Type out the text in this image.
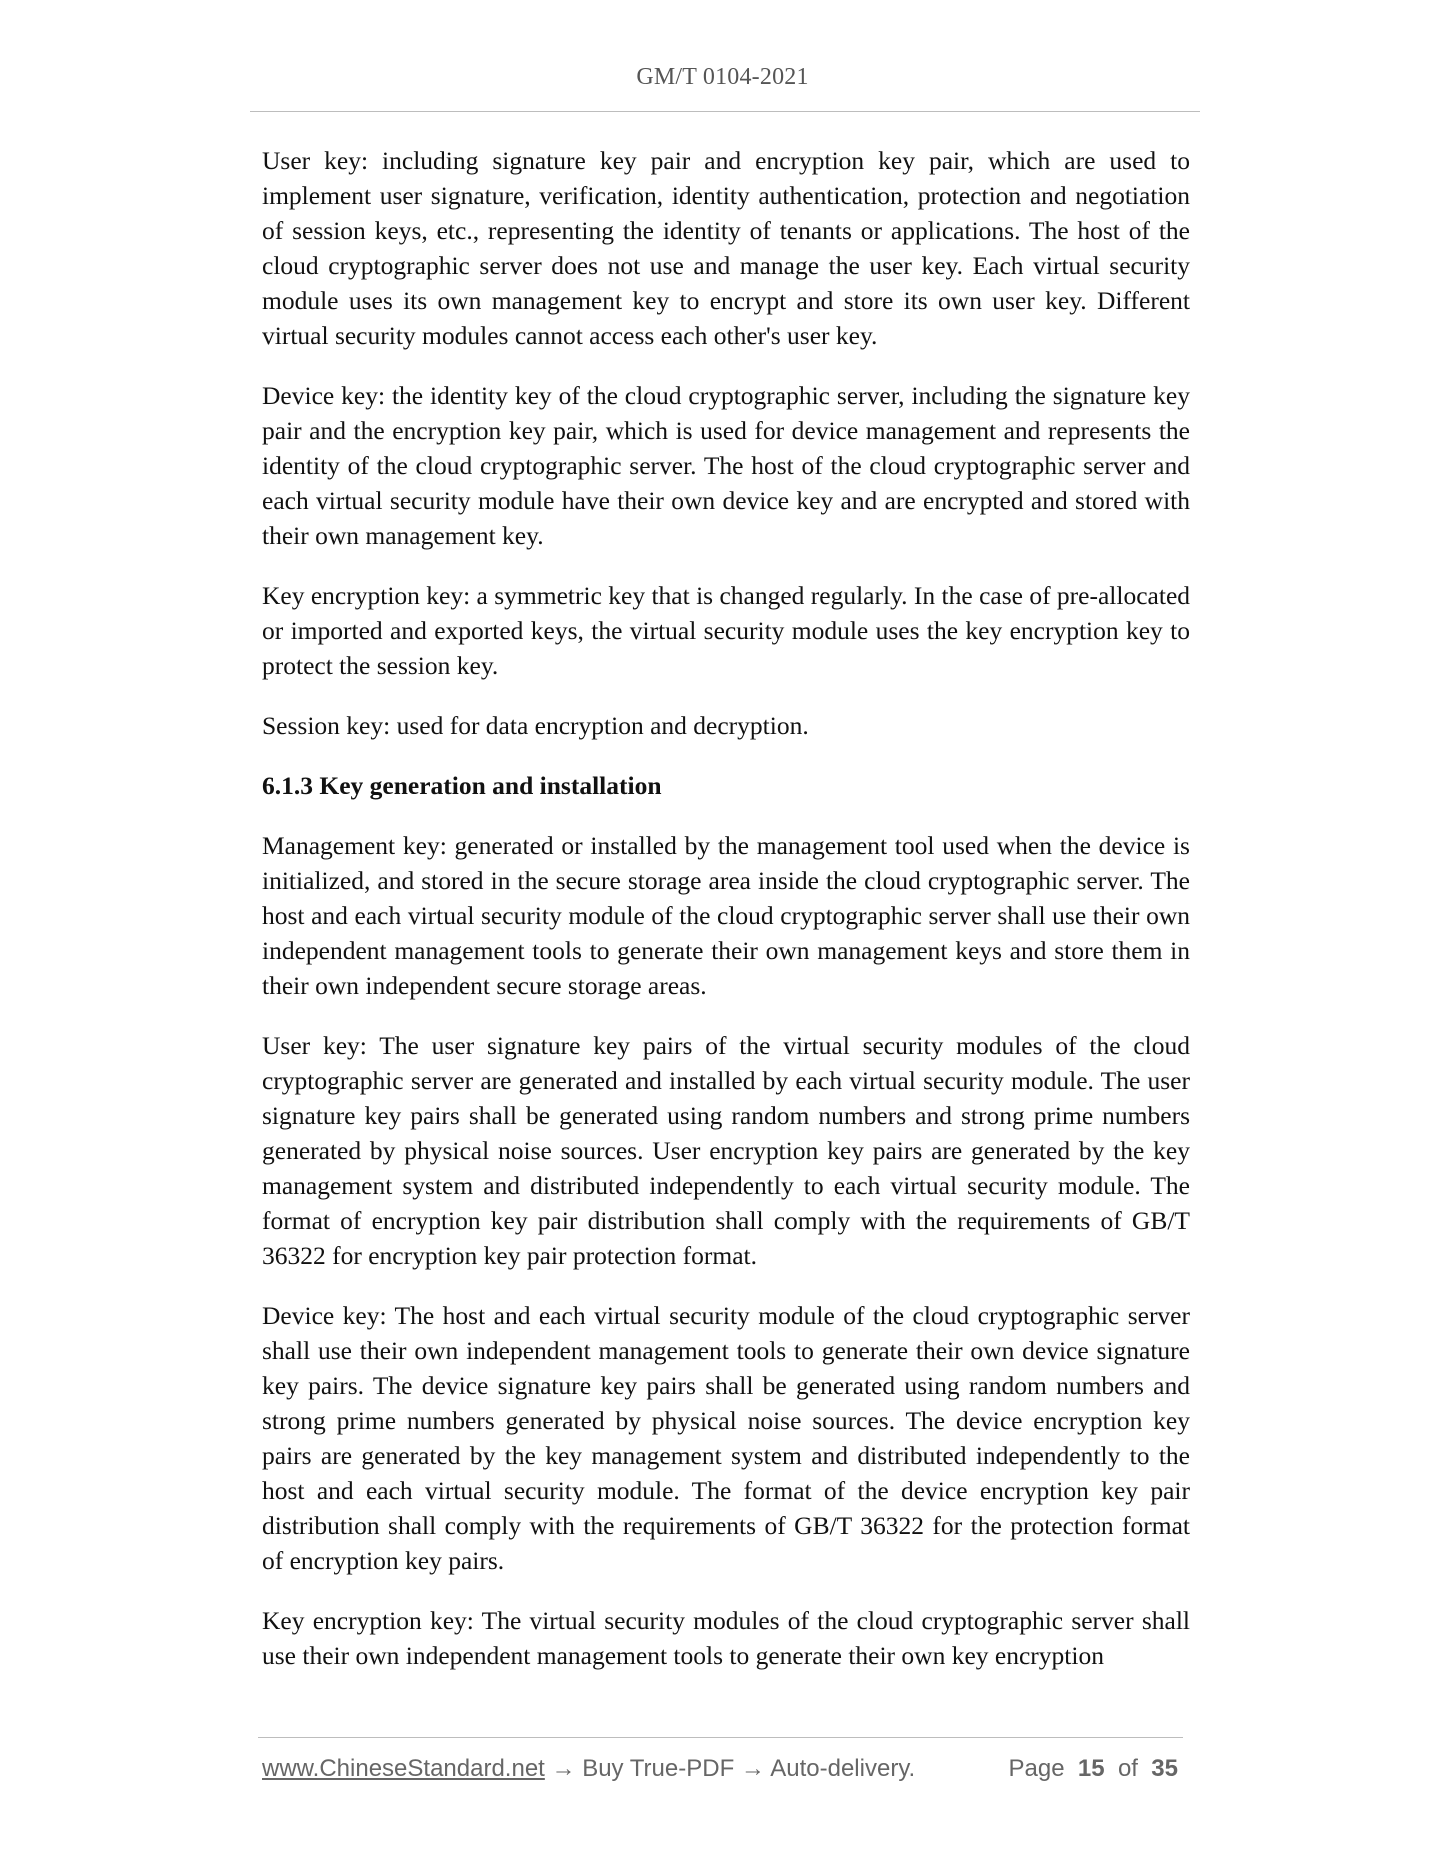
GM/T 0104-2021

User key: including signature key pair and encryption key pair, which are used to implement user signature, verification, identity authentication, protection and negotiation of session keys, etc., representing the identity of tenants or applications. The host of the cloud cryptographic server does not use and manage the user key. Each virtual security module uses its own management key to encrypt and store its own user key. Different virtual security modules cannot access each other's user key.

Device key: the identity key of the cloud cryptographic server, including the signature key pair and the encryption key pair, which is used for device management and represents the identity of the cloud cryptographic server. The host of the cloud cryptographic server and each virtual security module have their own device key and are encrypted and stored with their own management key.

Key encryption key: a symmetric key that is changed regularly. In the case of pre-allocated or imported and exported keys, the virtual security module uses the key encryption key to protect the session key.

Session key: used for data encryption and decryption.

6.1.3 Key generation and installation

Management key: generated or installed by the management tool used when the device is initialized, and stored in the secure storage area inside the cloud cryptographic server. The host and each virtual security module of the cloud cryptographic server shall use their own independent management tools to generate their own management keys and store them in their own independent secure storage areas.

User key: The user signature key pairs of the virtual security modules of the cloud cryptographic server are generated and installed by each virtual security module. The user signature key pairs shall be generated using random numbers and strong prime numbers generated by physical noise sources. User encryption key pairs are generated by the key management system and distributed independently to each virtual security module. The format of encryption key pair distribution shall comply with the requirements of GB/T 36322 for encryption key pair protection format.

Device key: The host and each virtual security module of the cloud cryptographic server shall use their own independent management tools to generate their own device signature key pairs. The device signature key pairs shall be generated using random numbers and strong prime numbers generated by physical noise sources. The device encryption key pairs are generated by the key management system and distributed independently to the host and each virtual security module. The format of the device encryption key pair distribution shall comply with the requirements of GB/T 36322 for the protection format of encryption key pairs.

Key encryption key: The virtual security modules of the cloud cryptographic server shall use their own independent management tools to generate their own key encryption

www.ChineseStandard.net → Buy True-PDF → Auto-delivery.	Page 15 of 35
